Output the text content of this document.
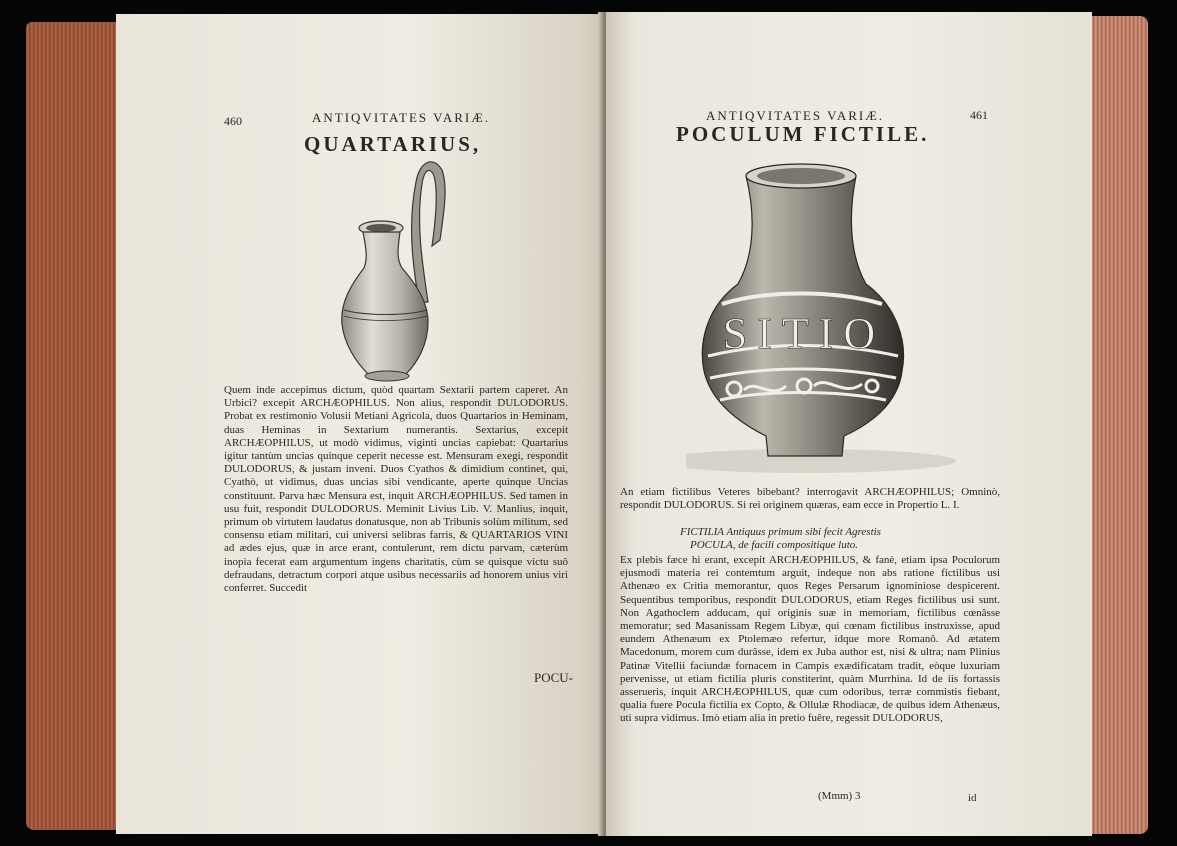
460	ANTIQVITATES VARIÆ.
QUARTARIUS,

Quem inde accepimus dictum, quòd quartam Sextarii partem caperet. An Urbici? excepit ARCHÆOPHILUS. Non alius, respondit DULODORUS. Probat ex restimonio Volusii Metiani Agricola, duos Quartarios in Heminam, duas Heminas in Sextarium numerantis. Sextarius, excepit ARCHÆOPHILUS, ut modò vidimus, viginti uncias capiebat: Quartarius igitur tantùm uncias quinque ceperit necesse est. Mensuram exegi, respondit DULODORUS, & justam inveni. Duos Cyathos & dimidium continet, qui, Cyathò, ut vidimus, duas uncias sibi vendicante, aperte quinque Uncias constituunt. Parva hæc Mensura est, inquit ARCHÆOPHILUS. Sed tamen in usu fuit, respondit DULODORUS. Meminit Livius Lib. V. Manlius, inquit, primum ob virtutem laudatus donatusque, non ab Tribunis solùm militum, sed consensu etiam militari, cui universi selibras farris, & QUARTARIOS VINI ad ædes ejus, quæ in arce erant, contulerunt, rem dictu parvam, cæterùm inopia fecerat eam argumentum ingens charitatis, cùm se quisque victu suô defraudans, detractum corpori atque usibus necessariis ad honorem unius viri conferret. Succedit

POCU-
ANTIQVITATES VARIÆ.	461
POCULUM FICTILE.
SITIO

An etiam fictilibus Veteres bibebant? interrogavit ARCHÆOPHILUS; Omninò, respondit DULODORUS. Si rei originem quæras, eam ecce in Propertio L. I.

FICTILIA Antiquus primum sibi fecit Agrestis
POCULA, de facili compositique luto.

Ex plebis fæce hi erant, excepit ARCHÆOPHILUS, & fanè, etiam ipsa Poculorum ejusmodi materia rei contemtum arguit, indeque non abs ratione fictilibus usi Athenæo ex Critia memorantur, quos Reges Persarum ignominiose despicerent. Sequentibus temporibus, respondit DULODORUS, etiam Reges fictilibus usi sunt. Non Agathoclem adducam, qui originis suæ in memoriam, fictilibus cœnâsse memoratur; sed Masanissam Regem Libyæ, qui cœnam fictilibus instruxisse, apud eundem Athenæum ex Ptolemæo refertur, idque more Romanô. Ad ætatem Macedonum, morem cum durâsse, idem ex Juba author est, nisi & ultra; nam Plinius Patinæ Vitellii faciundæ fornacem in Campis exædificatam tradit, eòque luxuriam pervenisse, ut etiam fictilia pluris constiterint, quàm Murrhina. Id de iis fortassis asserueris, inquit ARCHÆOPHILUS, quæ cum odoribus, terræ commistis fiebant, qualia fuere Pocula fictilia ex Copto, & Ollulæ Rhodiacæ, de quibus idem Athenæus, uti supra vidimus. Imò etiam alia in pretio fuêre, regessit DULODORUS,

(Mmm) 3	id
